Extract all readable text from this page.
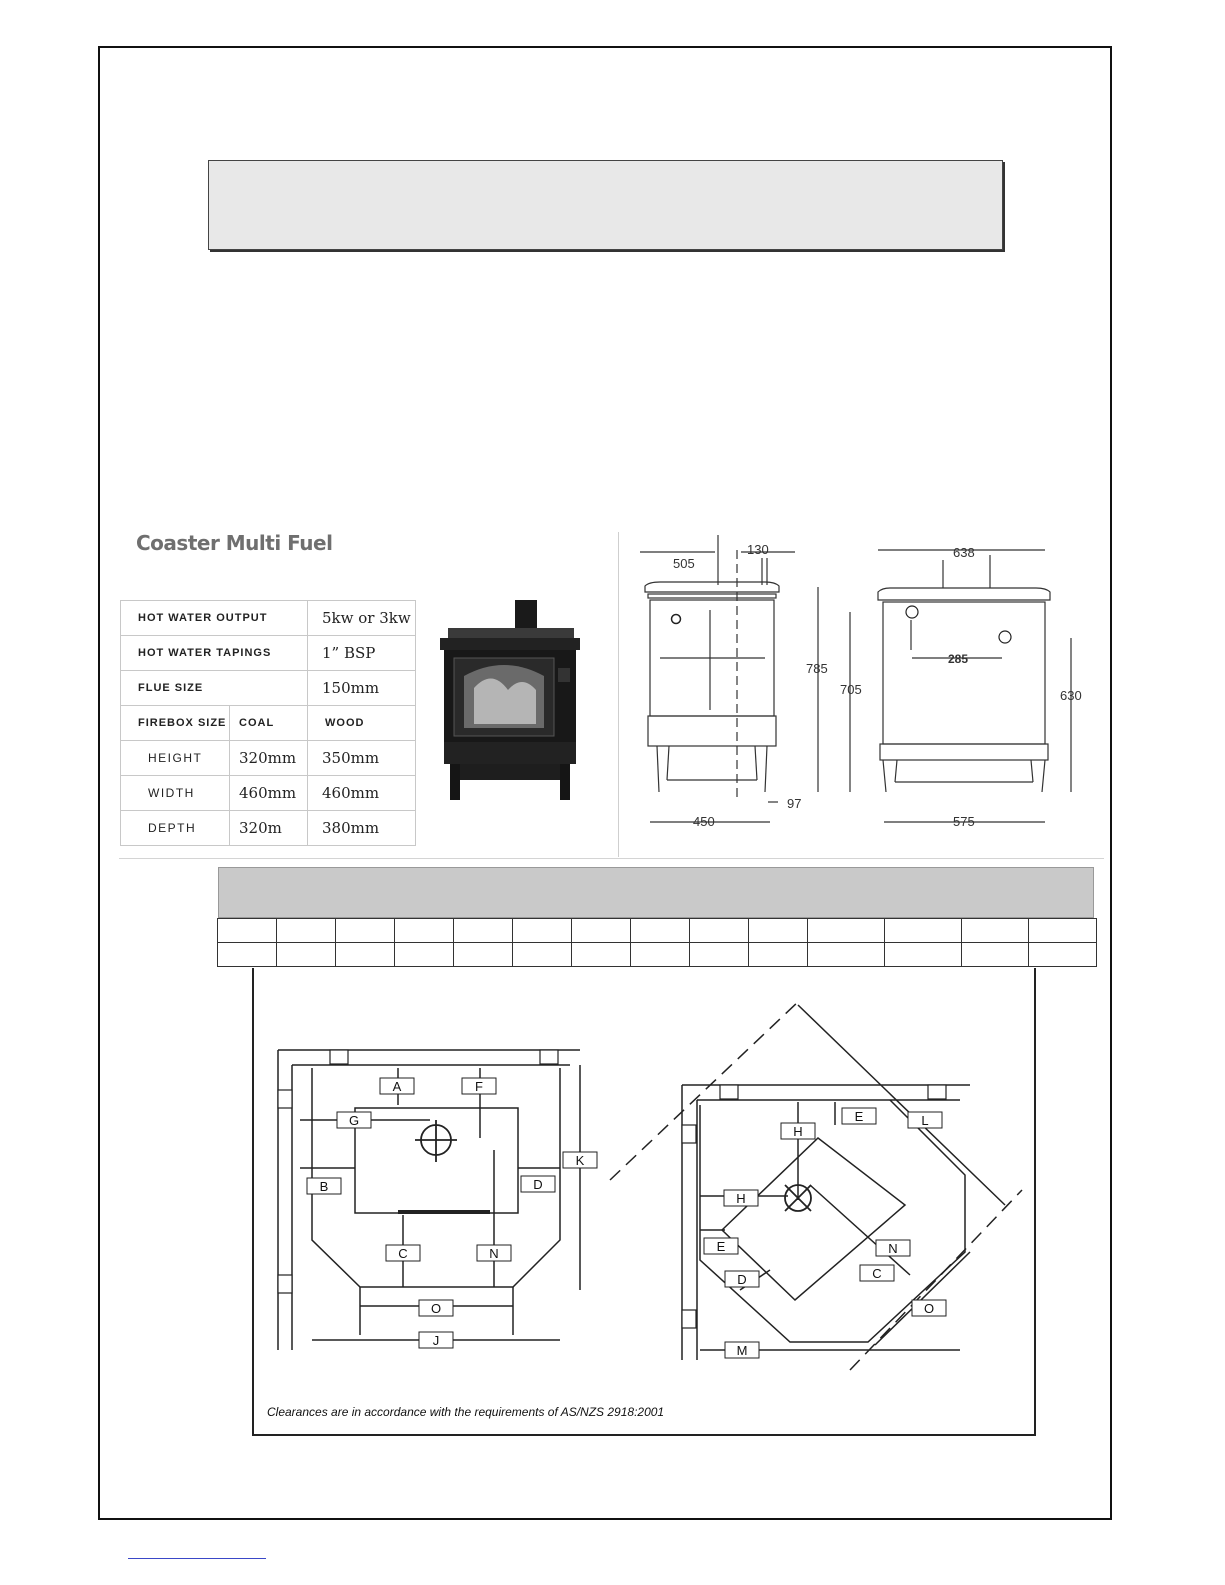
Coaster Multi Fuel
HOT WATER OUTPUT		5kw or 3kw
HOT WATER TAPINGS		1” BSP
FLUE SIZE		150mm
FIREBOX SIZE	COAL	WOOD
HEIGHT	320mm	350mm
WIDTH	460mm	460mm
DEPTH	320m	380mm
505
130
785
450
97
638
705	630
285
575

A	F
G
K
B	D
C	N
O
J
E	L
H
H
E	N
D	C
O
M
Clearances are in accordance with the requirements of AS/NZS 2918:2001
